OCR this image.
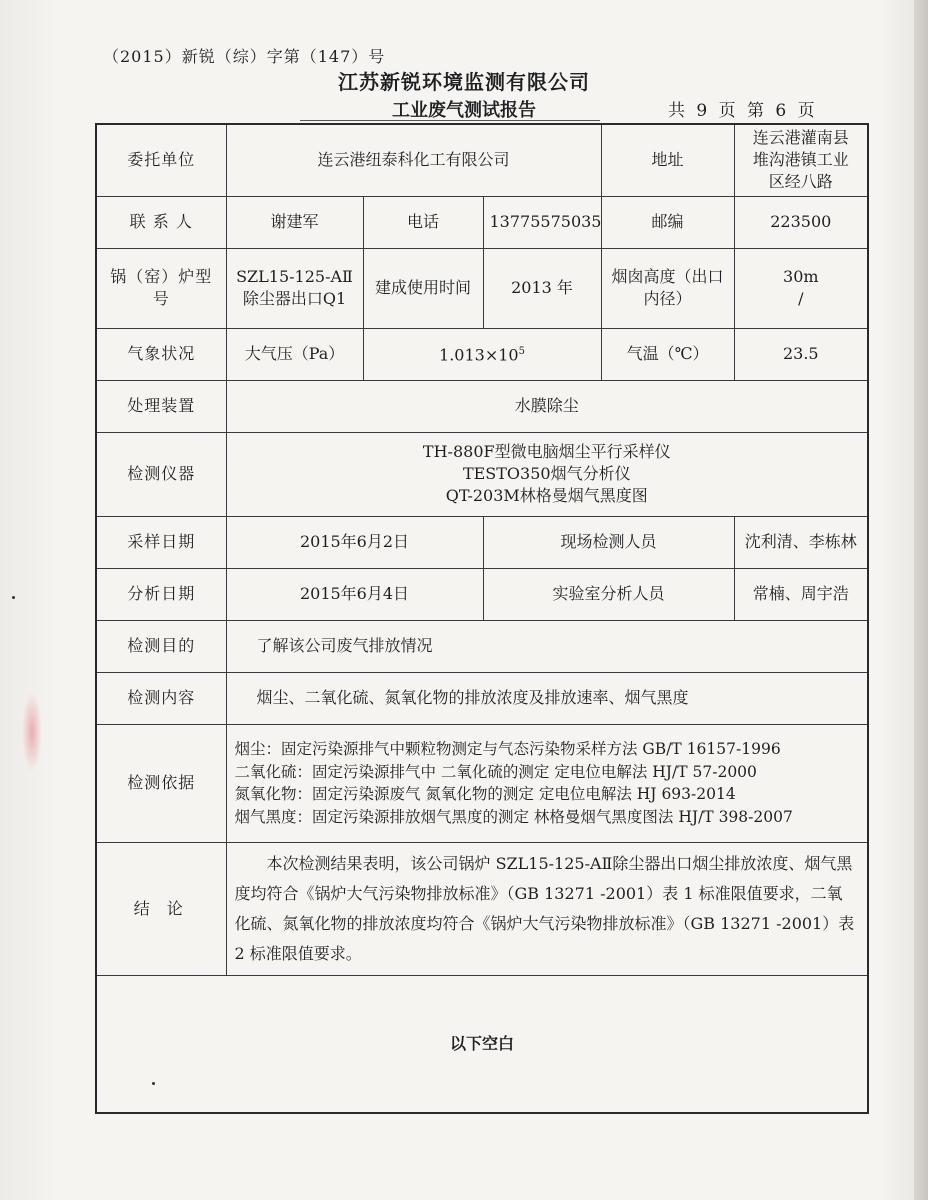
（2015）新锐（综）字第（147）号
江苏新锐环境监测有限公司
工业废气测试报告	共 9 页 第 6 页
委托单位	连云港纽泰科化工有限公司			地址	连云港灌南县堆沟港镇工业区经八路
联 系 人	谢建军	电话	13775575035	邮编	223500
锅（窑）炉型号	SZL15-125-AⅡ除尘器出口Q1	建成使用时间	2013 年	烟囱高度（出口内径）	30m
/

气象状况	大气压（Pa）	$1.013\times 10^5$		气温（℃）	23.5
处理装置	水膜除尘				
检测仪器	TH-880F型微电脑烟尘平行采样仪
TESTO350烟气分析仪
QT-203M林格曼烟气黑度图				

采样日期	2015年6月2日		现场检测人员		沈利清、李栋林
分析日期	2015年6月4日		实验室分析人员		常楠、周宇浩
检测目的	了解该公司废气排放情况				
检测内容	烟尘、二氧化硫、氮氧化物的排放浓度及排放速率、烟气黑度				
检测依据	烟尘：固定污染源排气中颗粒物测定与气态污染物采样方法 GB/T 16157-1996
二氧化硫：固定污染源排气中 二氧化硫的测定 定电位电解法 HJ/T 57-2000
氮氧化物：固定污染源废气 氮氧化物的测定 定电位电解法 HJ 693-2014
烟气黑度：固定污染源排放烟气黑度的测定 林格曼烟气黑度图法 HJ/T 398-2007				

结 论	本次检测结果表明，该公司锅炉 SZL15-125-AⅡ除尘器出口烟尘排放浓度、烟气黑度均符合《锅炉大气污染物排放标准》（GB 13271 -2001）表 1 标准限值要求，二氧化硫、氮氧化物的排放浓度均符合《锅炉大气污染物排放标准》（GB 13271 -2001）表 2 标准限值要求。				
以下空白					
